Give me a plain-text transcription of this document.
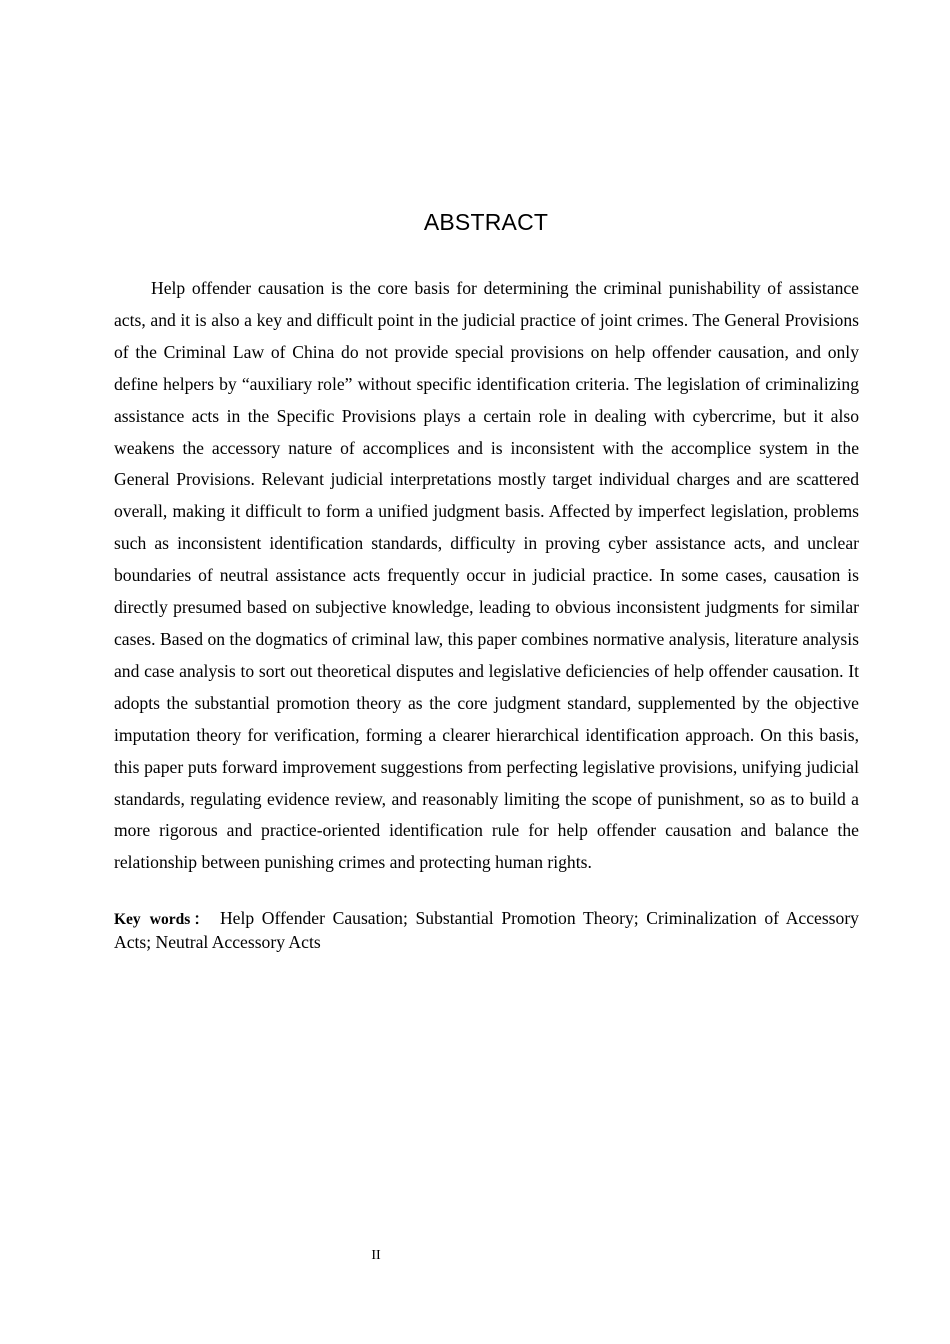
ABSTRACT

Help offender causation is the core basis for determining the criminal punishability of assistance acts, and it is also a key and difficult point in the judicial practice of joint crimes. The General Provisions of the Criminal Law of China do not provide special provisions on help offender causation, and only define helpers by “auxiliary role” without specific identification criteria. The legislation of criminalizing assistance acts in the Specific Provisions plays a certain role in dealing with cybercrime, but it also weakens the accessory nature of accomplices and is inconsistent with the accomplice system in the General Provisions. Relevant judicial interpretations mostly target individual charges and are scattered overall, making it difficult to form a unified judgment basis. Affected by imperfect legislation, problems such as inconsistent identification standards, difficulty in proving cyber assistance acts, and unclear boundaries of neutral assistance acts frequently occur in judicial practice. In some cases, causation is directly presumed based on subjective knowledge, leading to obvious inconsistent judgments for similar cases. Based on the dogmatics of criminal law, this paper combines normative analysis, literature analysis and case analysis to sort out theoretical disputes and legislative deficiencies of help offender causation. It adopts the substantial promotion theory as the core judgment standard, supplemented by the objective imputation theory for verification, forming a clearer hierarchical identification approach. On this basis, this paper puts forward improvement suggestions from perfecting legislative provisions, unifying judicial standards, regulating evidence review, and reasonably limiting the scope of punishment, so as to build a more rigorous and practice-oriented identification rule for help offender causation and balance the relationship between punishing crimes and protecting human rights.

Key words： Help Offender Causation; Substantial Promotion Theory; Criminalization of Accessory Acts; Neutral Accessory Acts

II
